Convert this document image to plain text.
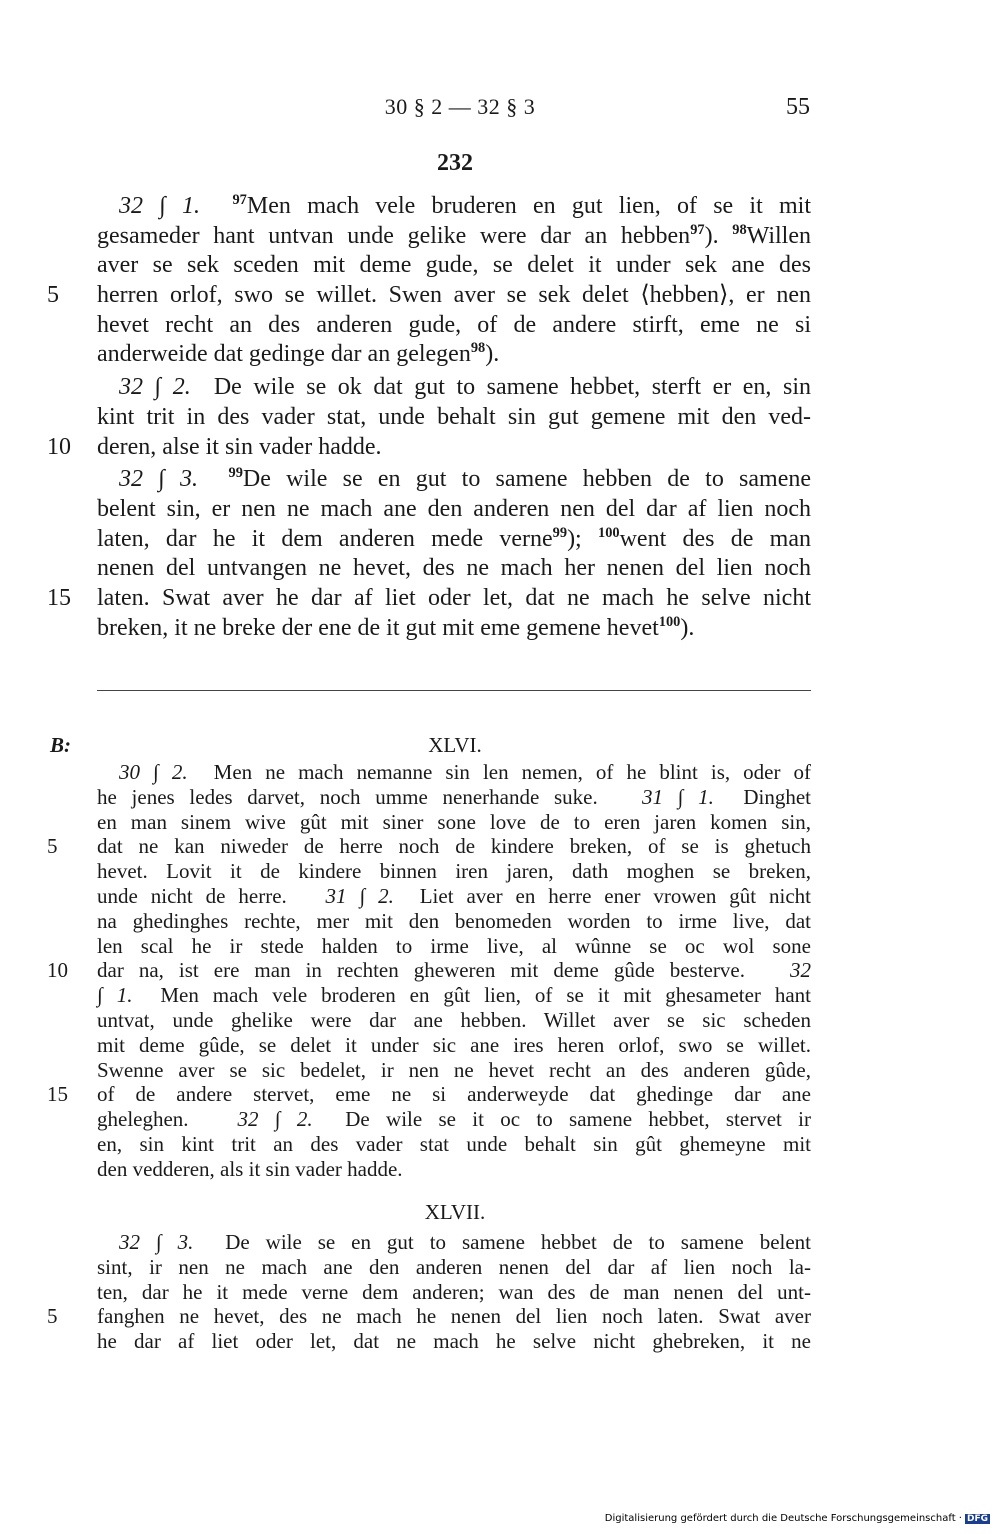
30 § 2 — 32 § 3	55
232
32 ∫ 1. $^{97}$Men mach vele bruderen en gut lien, of se it mit
gesameder hant untvan unde gelike were dar an hebben$^{97}$). $^{98}$Willen
aver se sek sceden mit deme gude, se delet it under sek ane des
5	herren orlof, swo se willet. Swen aver se sek delet ⟨hebben⟩, er nen
hevet recht an des anderen gude, of de andere stirft, eme ne si
anderweide dat gedinge dar an gelegen$^{98}$).
32 ∫ 2. De wile se ok dat gut to samene hebbet, sterft er en, sin
kint trit in des vader stat, unde behalt sin gut gemene mit den ved-
10 deren, alse it sin vader hadde.
32 ∫ 3. $^{99}$De wile se en gut to samene hebben de to samene
belent sin, er nen ne mach ane den anderen nen del dar af lien noch
laten, dar he it dem anderen mede verne$^{99}$); $^{100}$went des de man
nenen del untvangen ne hevet, des ne mach her nenen del lien noch
15 laten. Swat aver he dar af liet oder let, dat ne mach he selve nicht
breken, it ne breke der ene de it gut mit eme gemene hevet$^{100}$).
B:	XLVI.
30 ∫ 2. Men ne mach nemanne sin len nemen, of he blint is, oder of
he jenes ledes darvet, noch umme nenerhande suke. 31 ∫ 1. Dinghet
en man sinem wive gût mit siner sone love de to eren jaren komen sin,
5	dat ne kan niweder de herre noch de kindere breken, of se is ghetuch
hevet. Lovit it de kindere binnen iren jaren, dath moghen se breken,
unde nicht de herre. 31 ∫ 2. Liet aver en herre ener vrowen gût nicht
na ghedinghes rechte, mer mit den benomeden worden to irme live, dat
len scal he ir stede halden to irme live, al wûnne se oc wol sone
10	dar na, ist ere man in rechten gheweren mit deme gûde besterve. 32
∫ 1. Men mach vele broderen en gût lien, of se it mit ghesameter hant
untvat, unde ghelike were dar ane hebben. Willet aver se sic scheden
mit deme gûde, se delet it under sic ane ires heren orlof, swo se willet.
Swenne aver se sic bedelet, ir nen ne hevet recht an des anderen gûde,
15	of de andere stervet, eme ne si anderweyde dat ghedinge dar ane
gheleghen. 32 ∫ 2. De wile se it oc to samene hebbet, stervet ir
en, sin kint trit an des vader stat unde behalt sin gût ghemeyne mit
den vedderen, als it sin vader hadde.
XLVII.
32 ∫ 3. De wile se en gut to samene hebbet de to samene belent
sint, ir nen ne mach ane den anderen nenen del dar af lien noch la-
ten, dar he it mede verne dem anderen; wan des de man nenen del unt-
5	fanghen ne hevet, des ne mach he nenen del lien noch laten. Swat aver
he dar af liet oder let, dat ne mach he selve nicht ghebreken, it ne
Digitalisierung gefördert durch die Deutsche Forschungsgemeinschaft · DFG
